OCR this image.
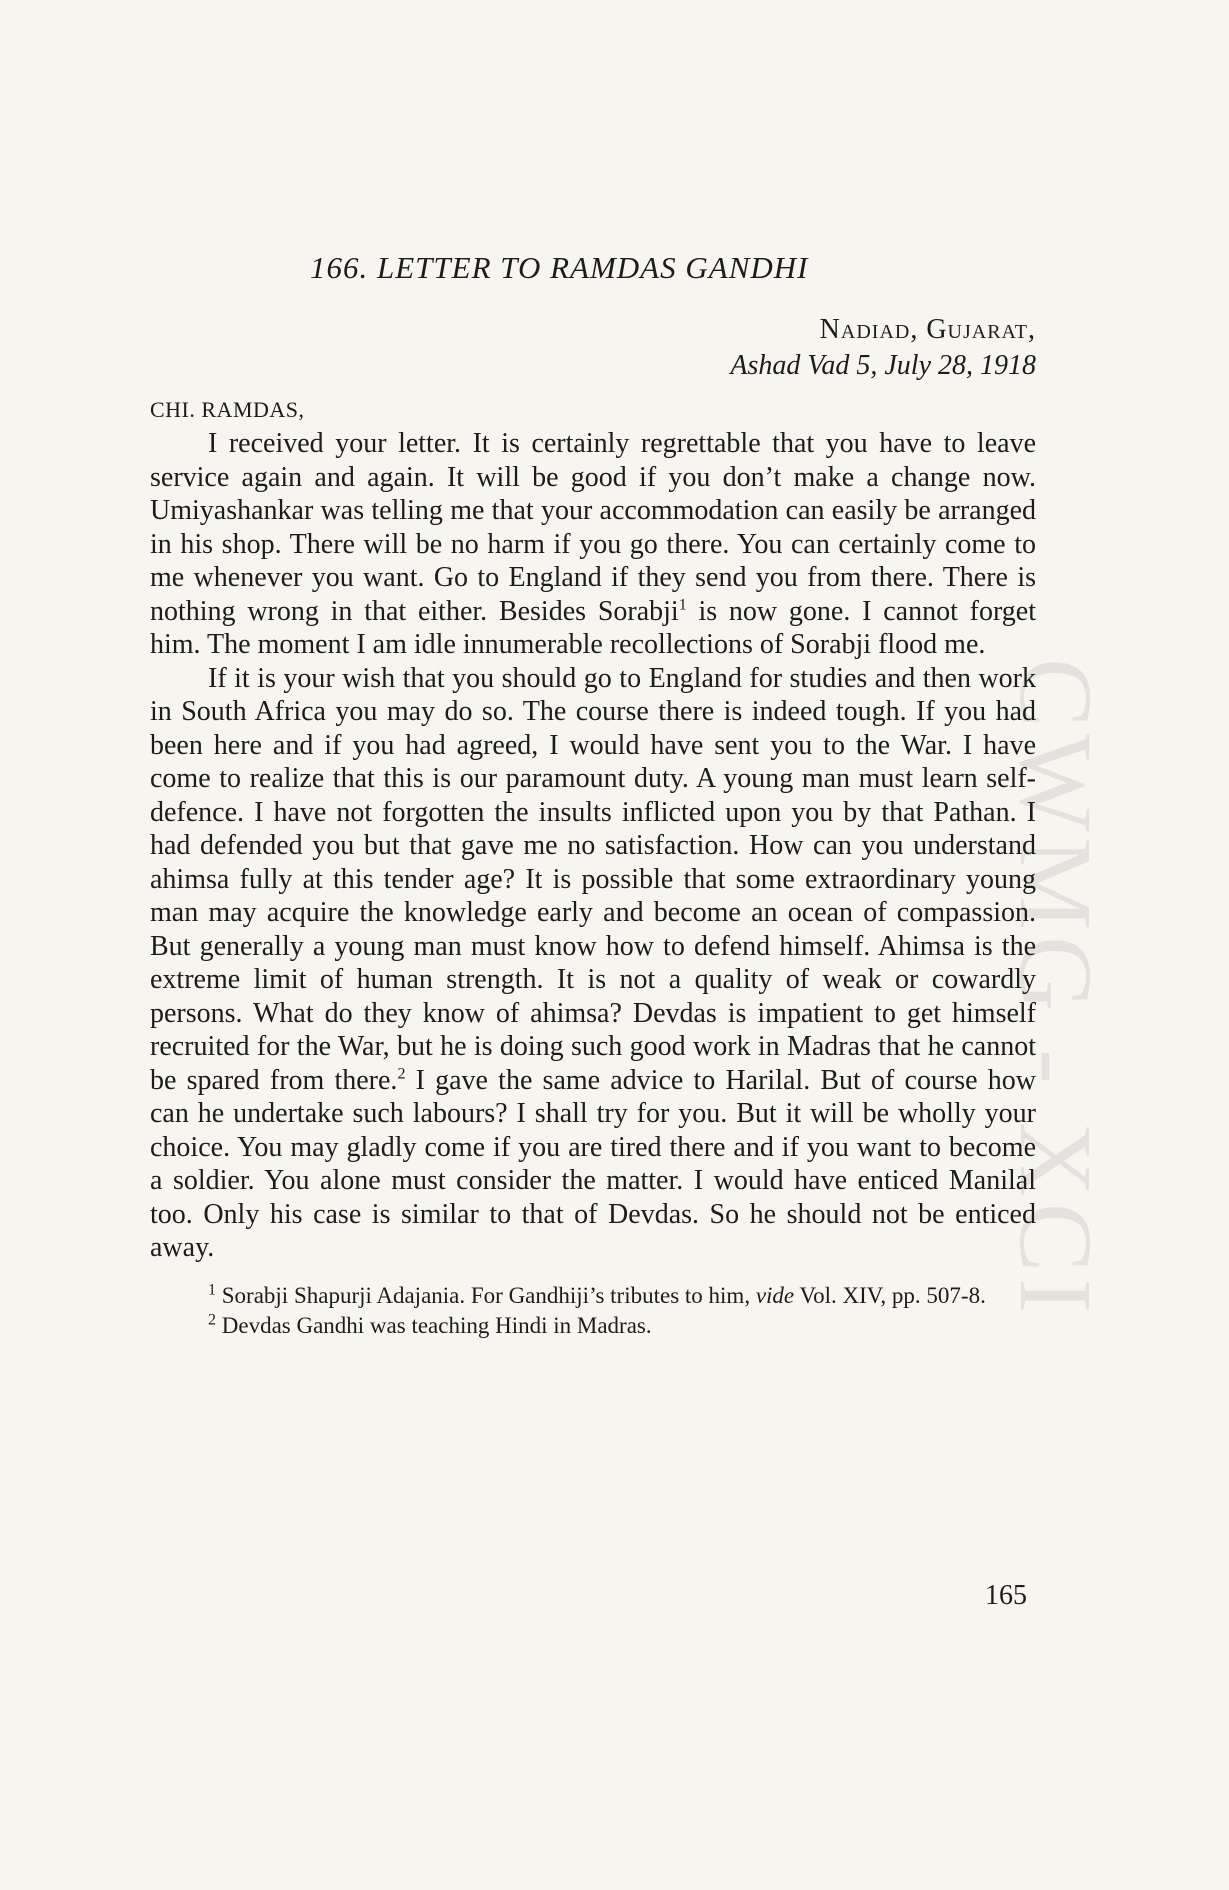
CWMG - XCI
166. LETTER TO RAMDAS GANDHI
Nadiad, Gujarat,
Ashad Vad 5, July 28, 1918
CHI. RAMDAS,

I received your letter. It is certainly regrettable that you have to leave service again and again. It will be good if you don’t make a change now. Umiyashankar was telling me that your accommodation can easily be arranged in his shop. There will be no harm if you go there. You can certainly come to me whenever you want. Go to England if they send you from there. There is nothing wrong in that either. Besides Sorabji$^1$ is now gone. I cannot forget him. The moment I am idle innumerable recollections of Sorabji flood me.

If it is your wish that you should go to England for studies and then work in South Africa you may do so. The course there is indeed tough. If you had been here and if you had agreed, I would have sent you to the War. I have come to realize that this is our paramount duty. A young man must learn self-defence. I have not forgotten the insults inflicted upon you by that Pathan. I had defended you but that gave me no satisfaction. How can you understand ahimsa fully at this tender age? It is possible that some extraordinary young man may acquire the knowledge early and become an ocean of compassion. But generally a young man must know how to defend himself. Ahimsa is the extreme limit of human strength. It is not a quality of weak or cowardly persons. What do they know of ahimsa? Devdas is impatient to get himself recruited for the War, but he is doing such good work in Madras that he cannot be spared from there.$^2$ I gave the same advice to Harilal. But of course how can he undertake such labours? I shall try for you. But it will be wholly your choice. You may gladly come if you are tired there and if you want to become a soldier. You alone must consider the matter. I would have enticed Manilal too. Only his case is similar to that of Devdas. So he should not be enticed away.

$^1$ Sorabji Shapurji Adajania. For Gandhiji’s tributes to him, vide Vol. XIV, pp. 507-8.

$^2$ Devdas Gandhi was teaching Hindi in Madras.

165
